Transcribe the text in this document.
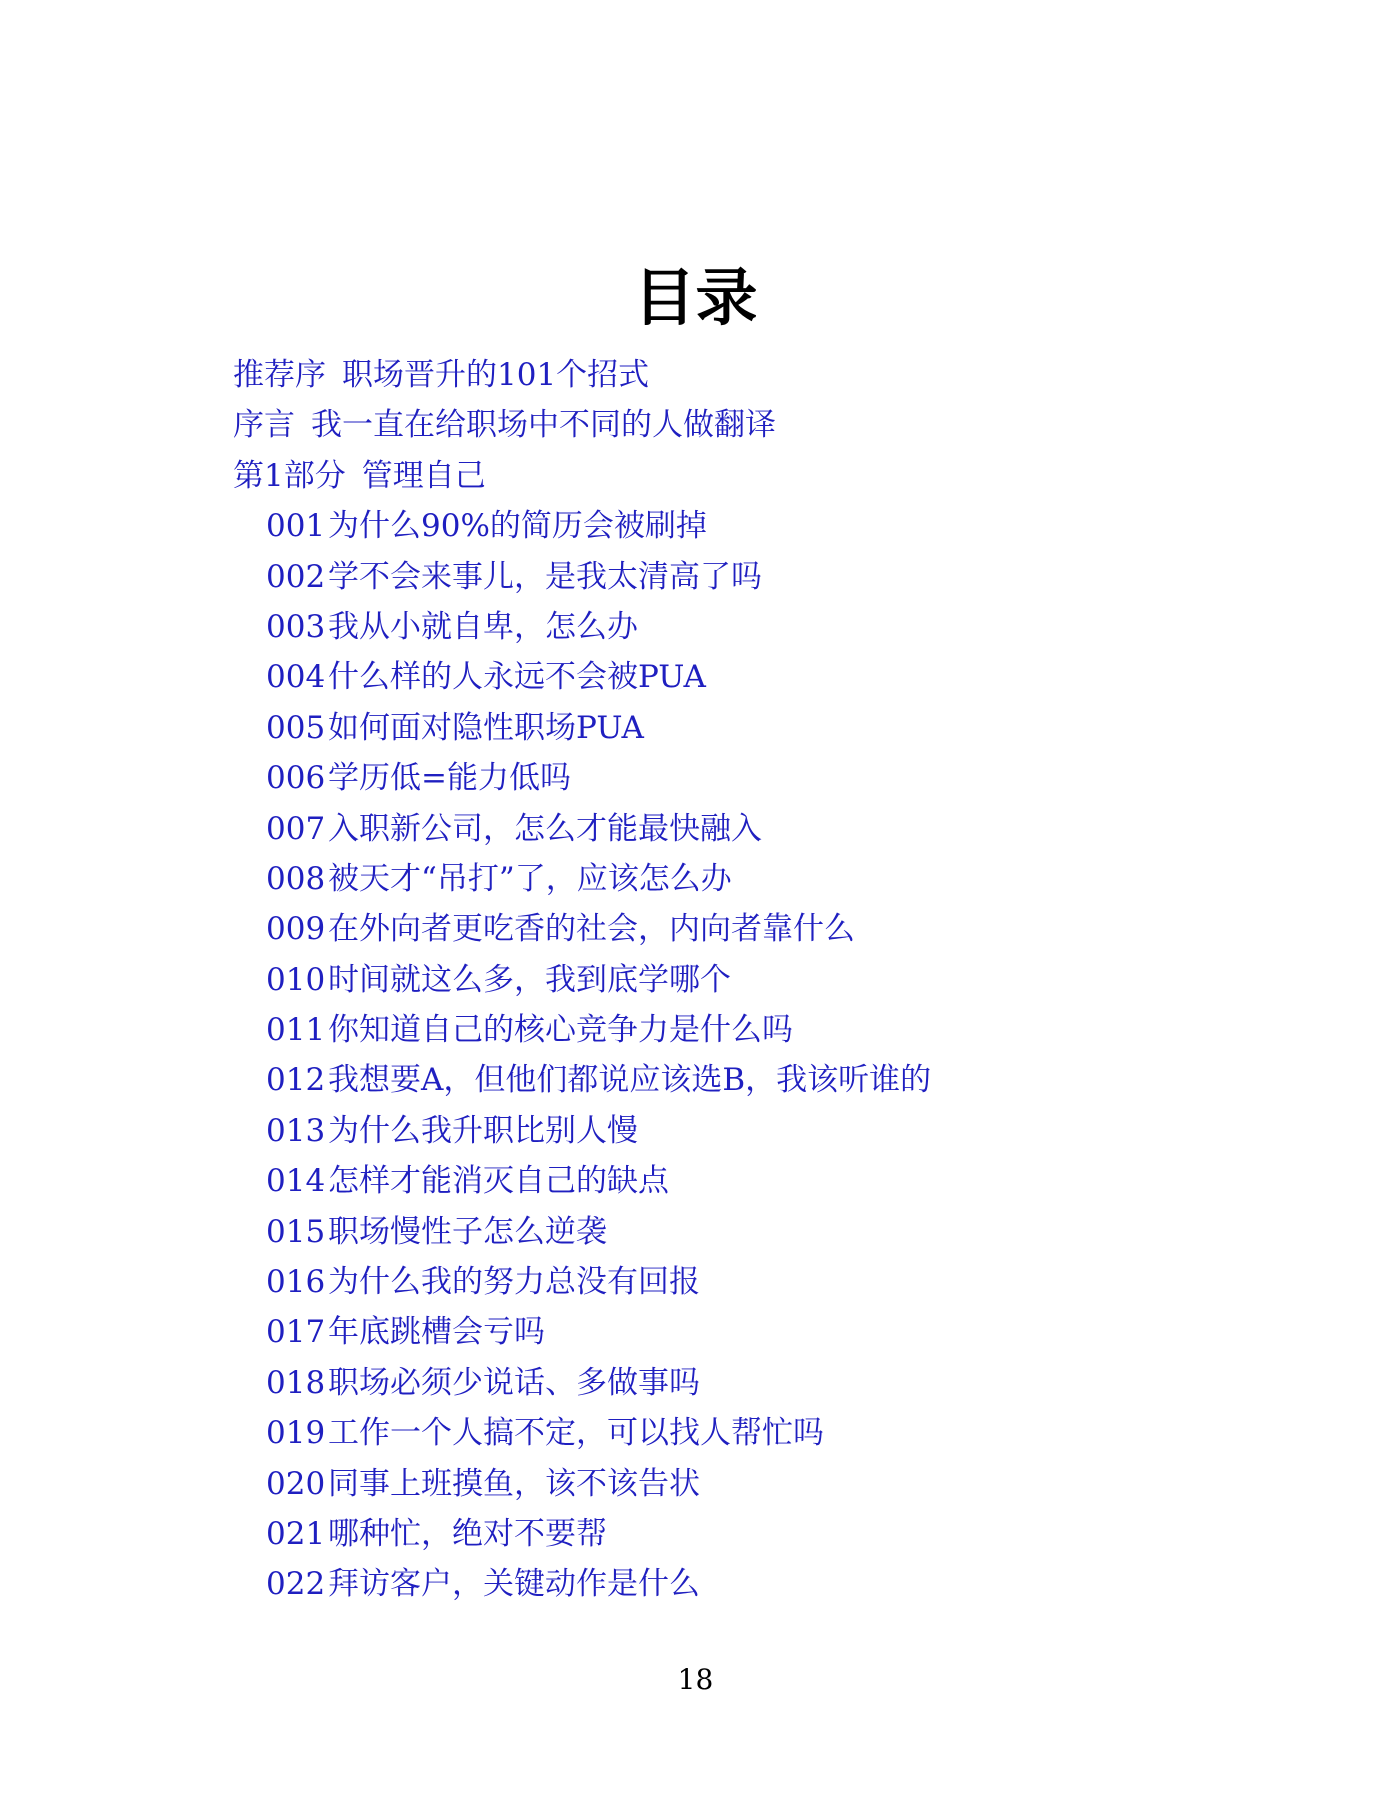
目录
推荐序 职场晋升的101个招式
序言 我一直在给职场中不同的人做翻译
第1部分 管理自己
001为什么90%的简历会被刷掉
002学不会来事儿，是我太清高了吗
003我从小就自卑，怎么办
004什么样的人永远不会被PUA
005如何面对隐性职场PUA
006学历低=能力低吗
007入职新公司，怎么才能最快融入
008被天才“吊打”了，应该怎么办
009在外向者更吃香的社会，内向者靠什么
010时间就这么多，我到底学哪个
011你知道自己的核心竞争力是什么吗
012我想要A，但他们都说应该选B，我该听谁的
013为什么我升职比别人慢
014怎样才能消灭自己的缺点
015职场慢性子怎么逆袭
016为什么我的努力总没有回报
017年底跳槽会亏吗
018职场必须少说话、多做事吗
019工作一个人搞不定，可以找人帮忙吗
020同事上班摸鱼，该不该告状
021哪种忙，绝对不要帮
022拜访客户，关键动作是什么
18
